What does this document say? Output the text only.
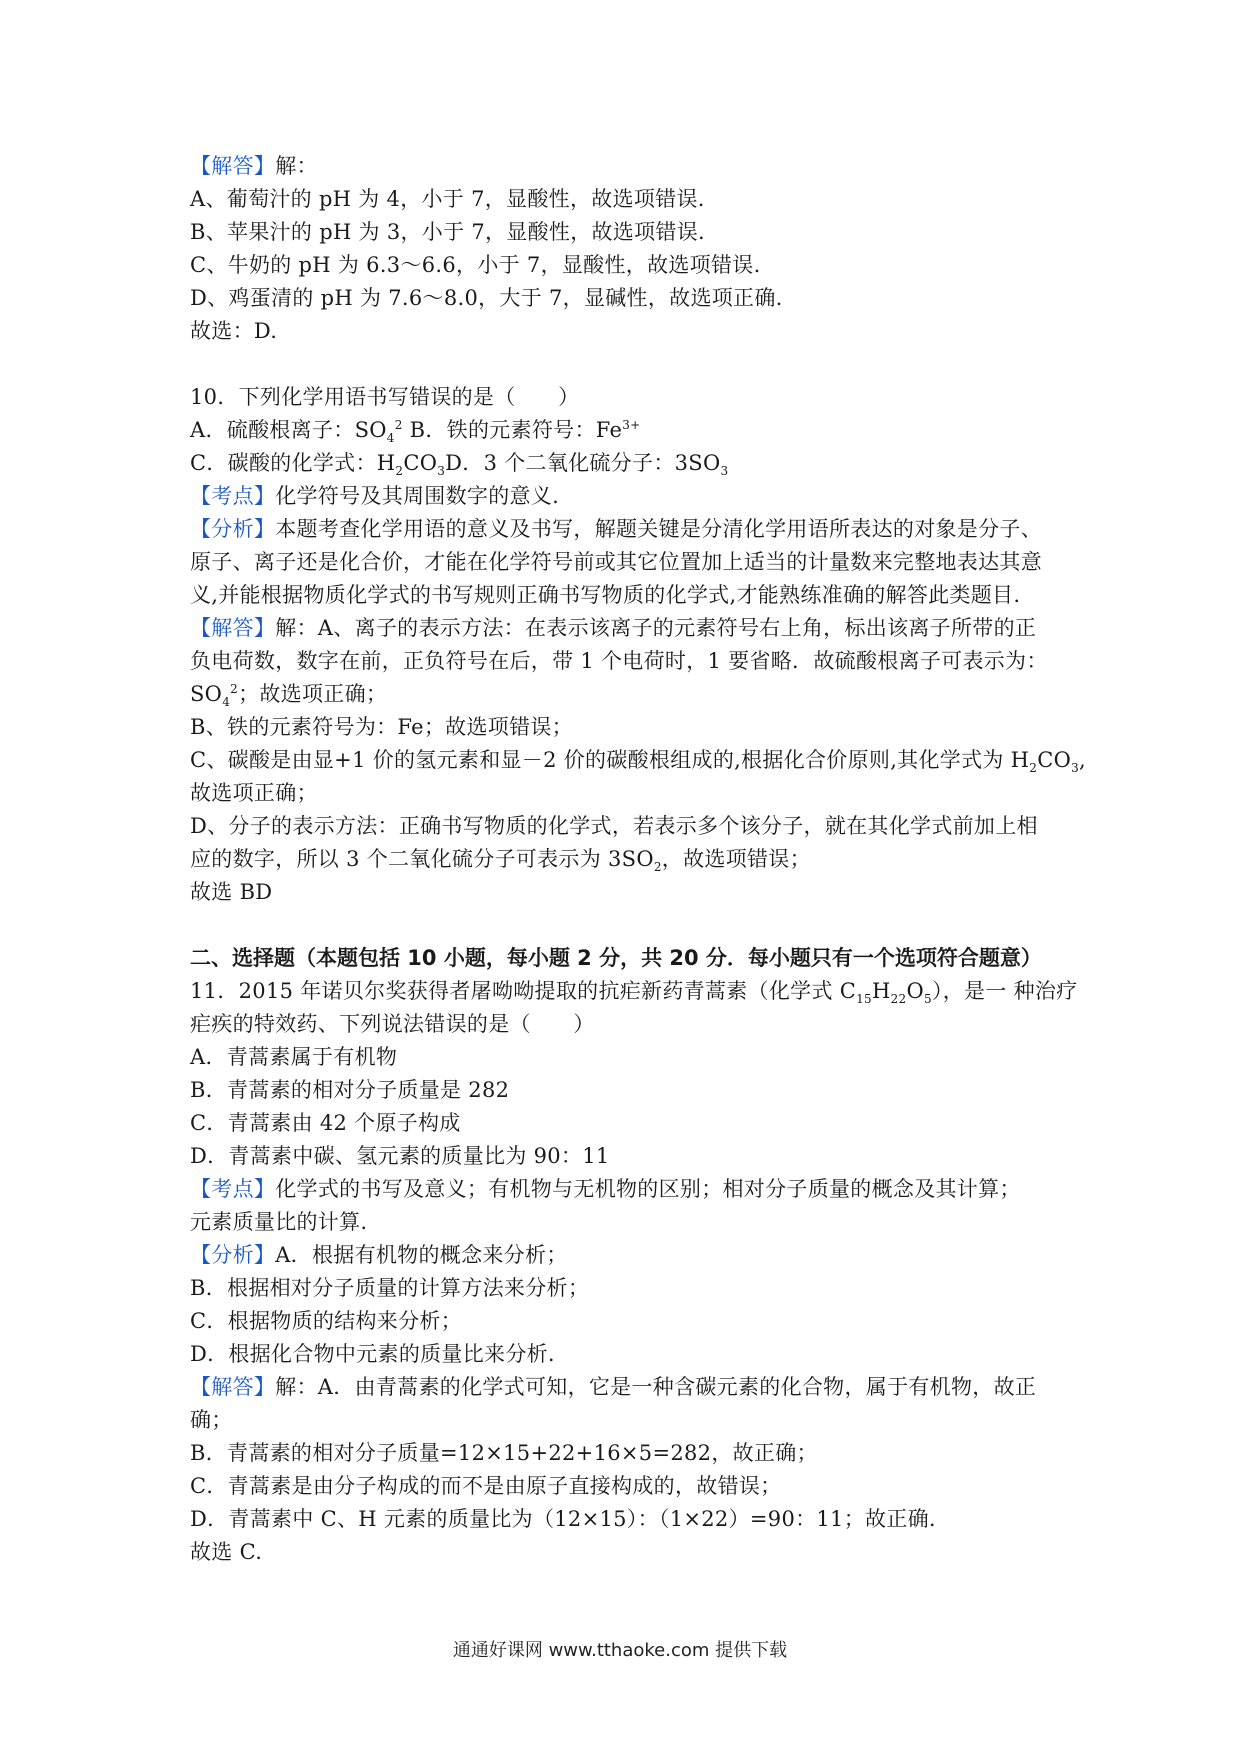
【解答】解：
A、葡萄汁的 pH 为 4，小于 7，显酸性，故选项错误.
B、苹果汁的 pH 为 3，小于 7，显酸性，故选项错误.
C、牛奶的 pH 为 6.3～6.6，小于 7，显酸性，故选项错误.
D、鸡蛋清的 pH 为 7.6～8.0，大于 7，显碱性，故选项正确.
故选：D.
10．下列化学用语书写错误的是（　　）
A．硫酸根离子：$SO_4^2$ B．铁的元素符号：$Fe^{3+}$
C．碳酸的化学式：$H_2CO_3D$．3 个二氧化硫分子：$3SO_3$
【考点】化学符号及其周围数字的意义.
【分析】本题考查化学用语的意义及书写，解题关键是分清化学用语所表达的对象是分子、
原子、离子还是化合价，才能在化学符号前或其它位置加上适当的计量数来完整地表达其意
义,并能根据物质化学式的书写规则正确书写物质的化学式,才能熟练准确的解答此类题目.
【解答】解：A、离子的表示方法：在表示该离子的元素符号右上角，标出该离子所带的正
负电荷数，数字在前，正负符号在后，带 1 个电荷时，1 要省略．故硫酸根离子可表示为：
$SO_4^2$；故选项正确；
B、铁的元素符号为：Fe；故选项错误；
C、碳酸是由显+1 价的氢元素和显－2 价的碳酸根组成的,根据化合价原则,其化学式为 $H_2CO_3$,
故选项正确；
D、分子的表示方法：正确书写物质的化学式，若表示多个该分子，就在其化学式前加上相
应的数字，所以 3 个二氧化硫分子可表示为 $3SO_2$，故选项错误；
故选 BD
二、选择题（本题包括 10 小题，每小题 2 分，共 20 分．每小题只有一个选项符合题意）
11．2015 年诺贝尔奖获得者屠呦呦提取的抗疟新药青蒿素（化学式 $C_{15}H_{22}O_5$），是一 种治疗
疟疾的特效药、下列说法错误的是（　　）
A．青蒿素属于有机物
B．青蒿素的相对分子质量是 282
C．青蒿素由 42 个原子构成
D．青蒿素中碳、氢元素的质量比为 90：11
【考点】化学式的书写及意义；有机物与无机物的区别；相对分子质量的概念及其计算；
元素质量比的计算.
【分析】A．根据有机物的概念来分析；
B．根据相对分子质量的计算方法来分析；
C．根据物质的结构来分析；
D．根据化合物中元素的质量比来分析.
【解答】解：A．由青蒿素的化学式可知，它是一种含碳元素的化合物，属于有机物，故正
确；
B．青蒿素的相对分子质量=12×15+22+16×5=282，故正确；
C．青蒿素是由分子构成的而不是由原子直接构成的，故错误；
D．青蒿素中 C、H 元素的质量比为（12×15）：（1×22）=90：11；故正确.
故选 C.
通通好课网 www.tthaoke.com 提供下载
